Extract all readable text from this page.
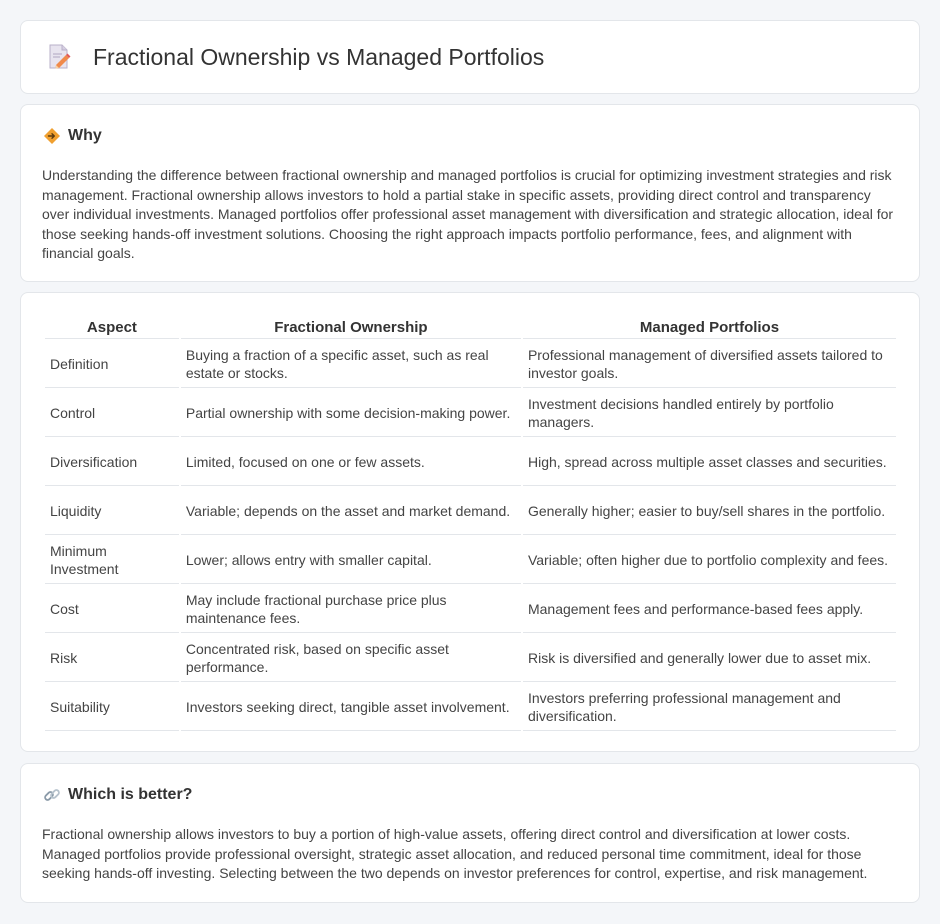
Fractional Ownership vs Managed Portfolios
Why

Understanding the difference between fractional ownership and managed portfolios is crucial for optimizing investment strategies and risk management. Fractional ownership allows investors to hold a partial stake in specific assets, providing direct control and transparency over individual investments. Managed portfolios offer professional asset management with diversification and strategic allocation, ideal for those seeking hands-off investment solutions. Choosing the right approach impacts portfolio performance, fees, and alignment with financial goals.

Aspect	Fractional Ownership	Managed Portfolios
Definition	Buying a fraction of a specific asset, such as real estate or stocks.	Professional management of diversified assets tailored to investor goals.
Control	Partial ownership with some decision-making power.	Investment decisions handled entirely by portfolio managers.
Diversification	Limited, focused on one or few assets.	High, spread across multiple asset classes and securities.
Liquidity	Variable; depends on the asset and market demand.	Generally higher; easier to buy/sell shares in the portfolio.
Minimum Investment	Lower; allows entry with smaller capital.	Variable; often higher due to portfolio complexity and fees.
Cost	May include fractional purchase price plus maintenance fees.	Management fees and performance-based fees apply.
Risk	Concentrated risk, based on specific asset performance.	Risk is diversified and generally lower due to asset mix.
Suitability	Investors seeking direct, tangible asset involvement.	Investors preferring professional management and diversification.
Which is better?

Fractional ownership allows investors to buy a portion of high-value assets, offering direct control and diversification at lower costs. Managed portfolios provide professional oversight, strategic asset allocation, and reduced personal time commitment, ideal for those seeking hands-off investing. Selecting between the two depends on investor preferences for control, expertise, and risk management.
